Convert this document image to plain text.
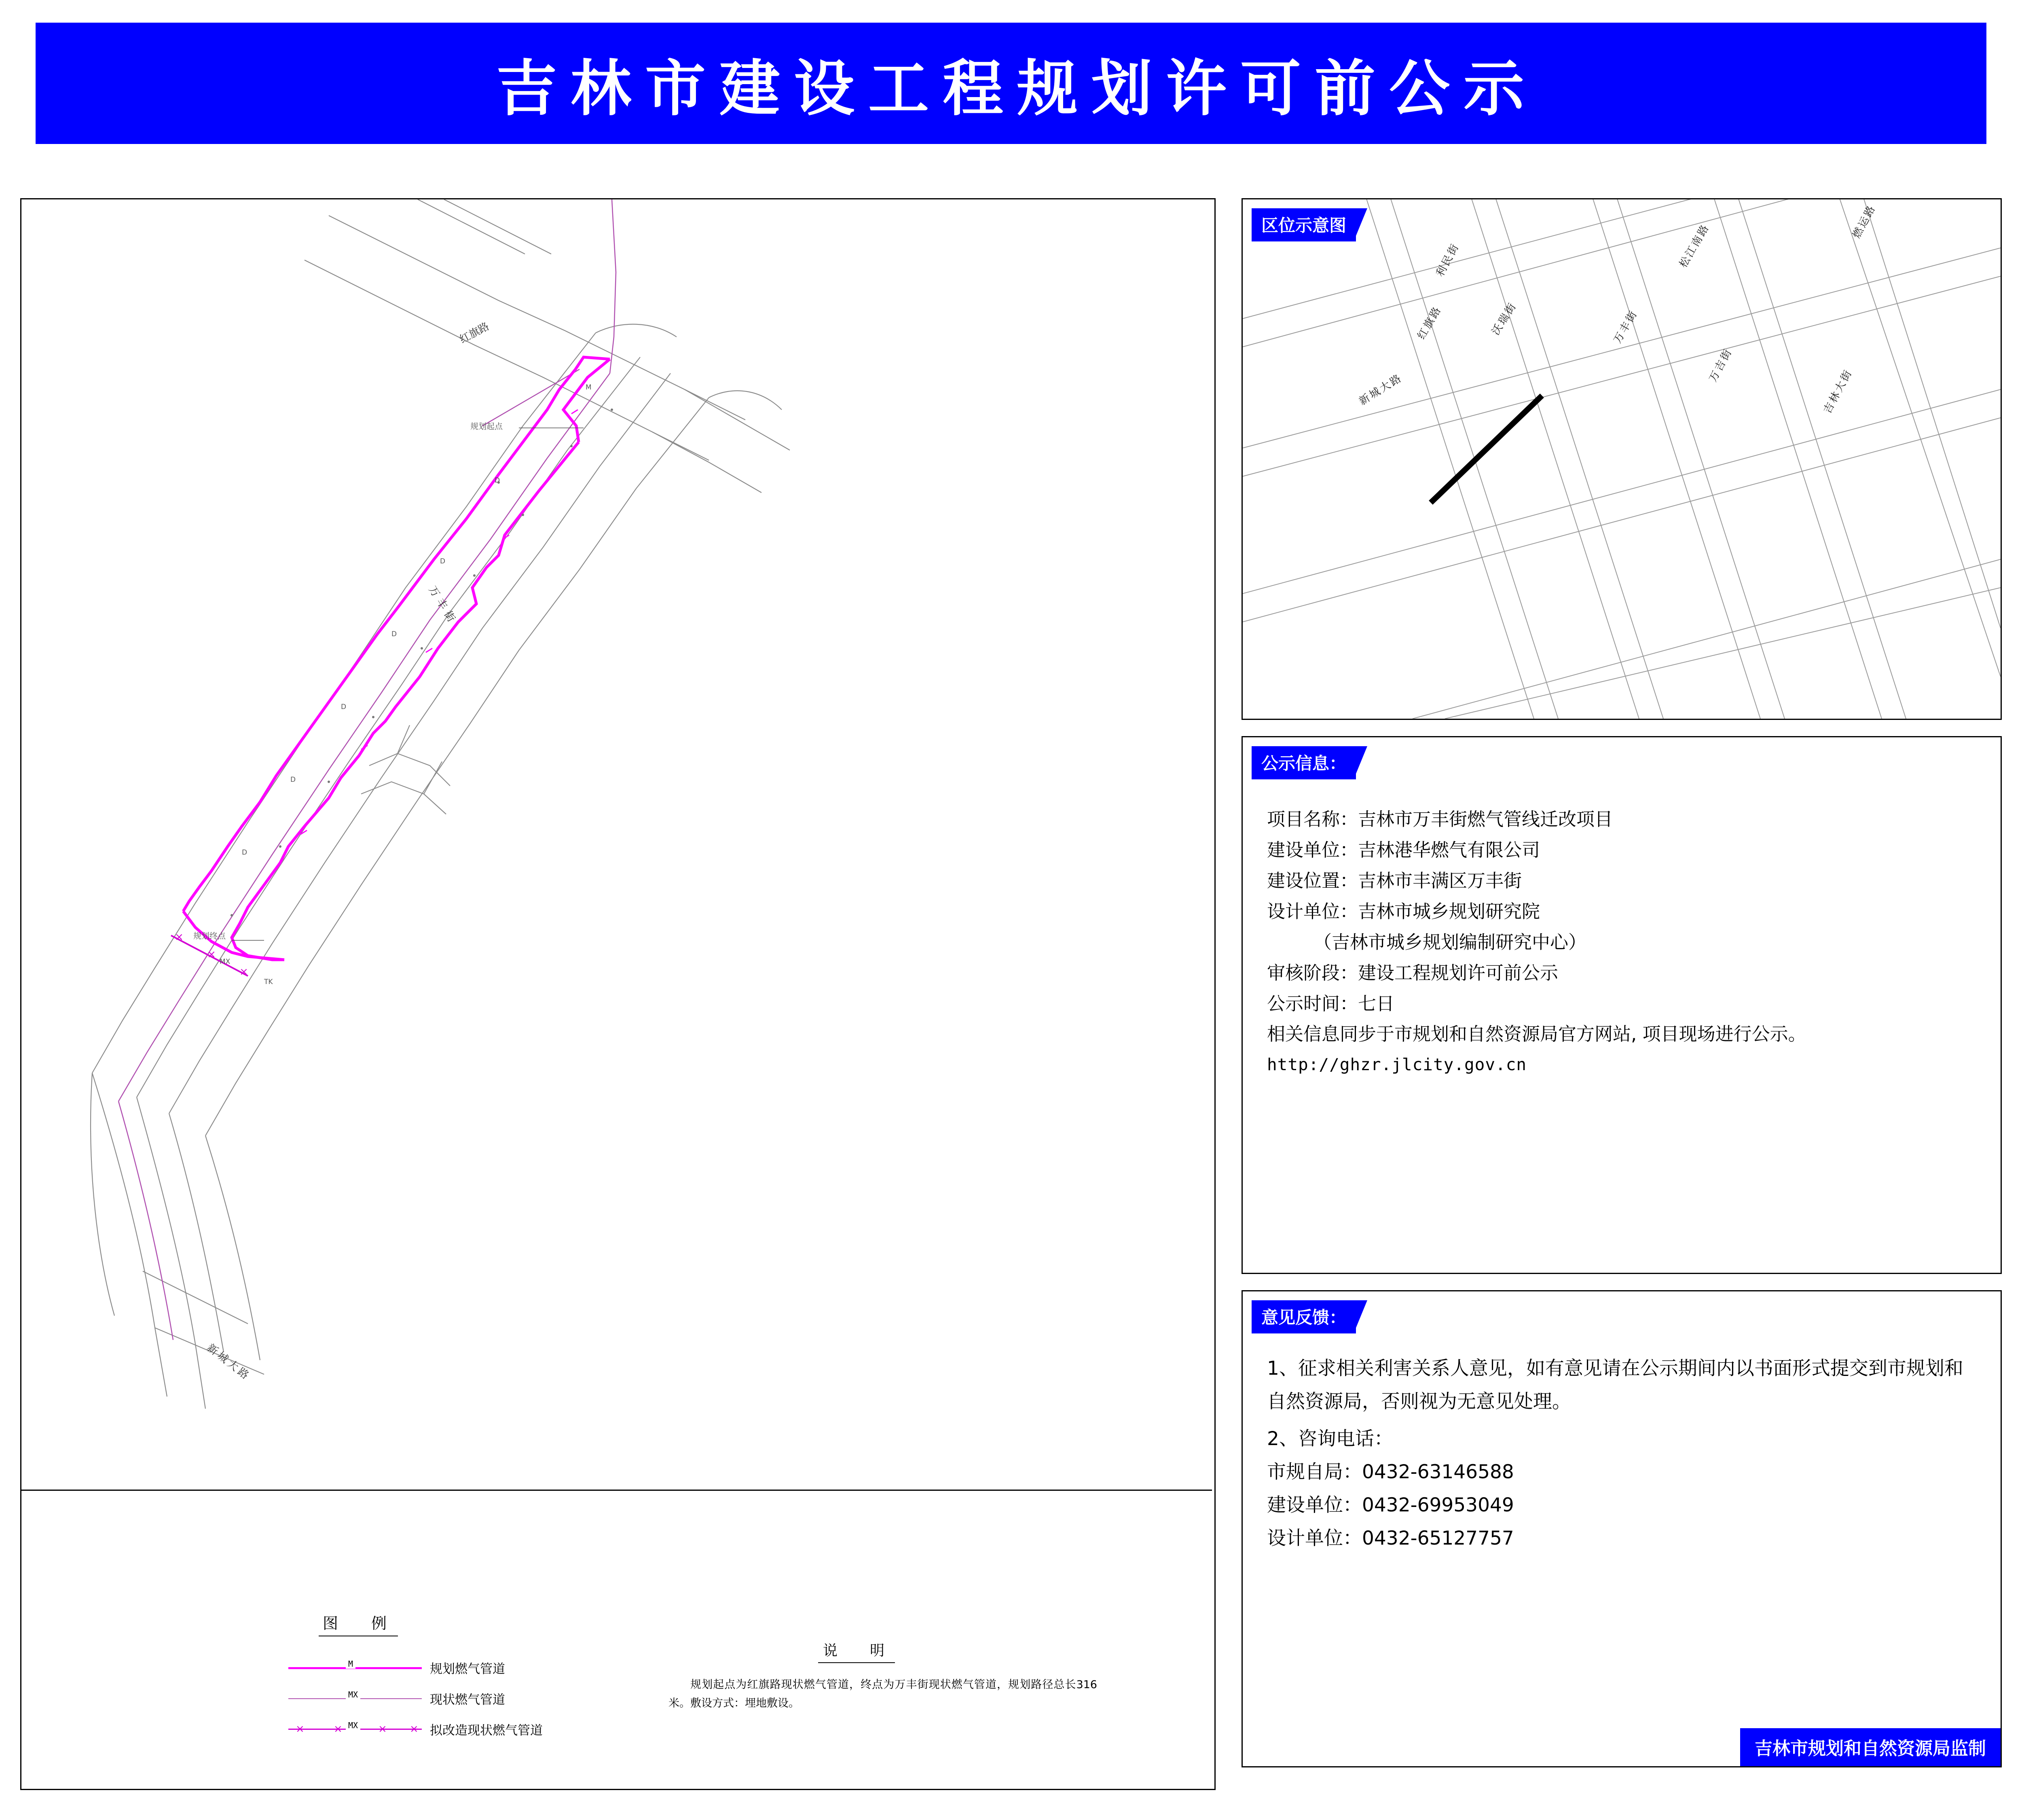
吉林市建设工程规划许可前公示
×
×
×
D
D
D
D
D
D
TK
MX
M
红旗路
万丰街
新城大路
规划起点
规划终点
图　例
M	规划燃气管道
MX	现状燃气管道
×	×	× ×
MX	拟改造现状燃气管道
说　明
规划起点为红旗路现状燃气管道，终点为万丰街现状燃气管道，规划路径总长316米。敷设方式：埋地敷设。
区位示意图
利民街	松江南路
燃运路
红旗路	沃瑞街	万丰街
万吉街
吉林大街
新城大路
公示信息：
项目名称：吉林市万丰街燃气管线迁改项目
建设单位：吉林港华燃气有限公司
建设位置：吉林市丰满区万丰街
设计单位：吉林市城乡规划研究院
（吉林市城乡规划编制研究中心）
审核阶段：建设工程规划许可前公示
公示时间：七日
相关信息同步于市规划和自然资源局官方网站, 项目现场进行公示。 http://ghzr.jlcity.gov.cn
意见反馈：
1、征求相关利害关系人意见，如有意见请在公示期间内以书面形式提交到市规划和自然资源局，否则视为无意见处理。
2、咨询电话：
市规自局：0432-63146588
建设单位：0432-69953049
设计单位：0432-65127757
吉林市规划和自然资源局监制
